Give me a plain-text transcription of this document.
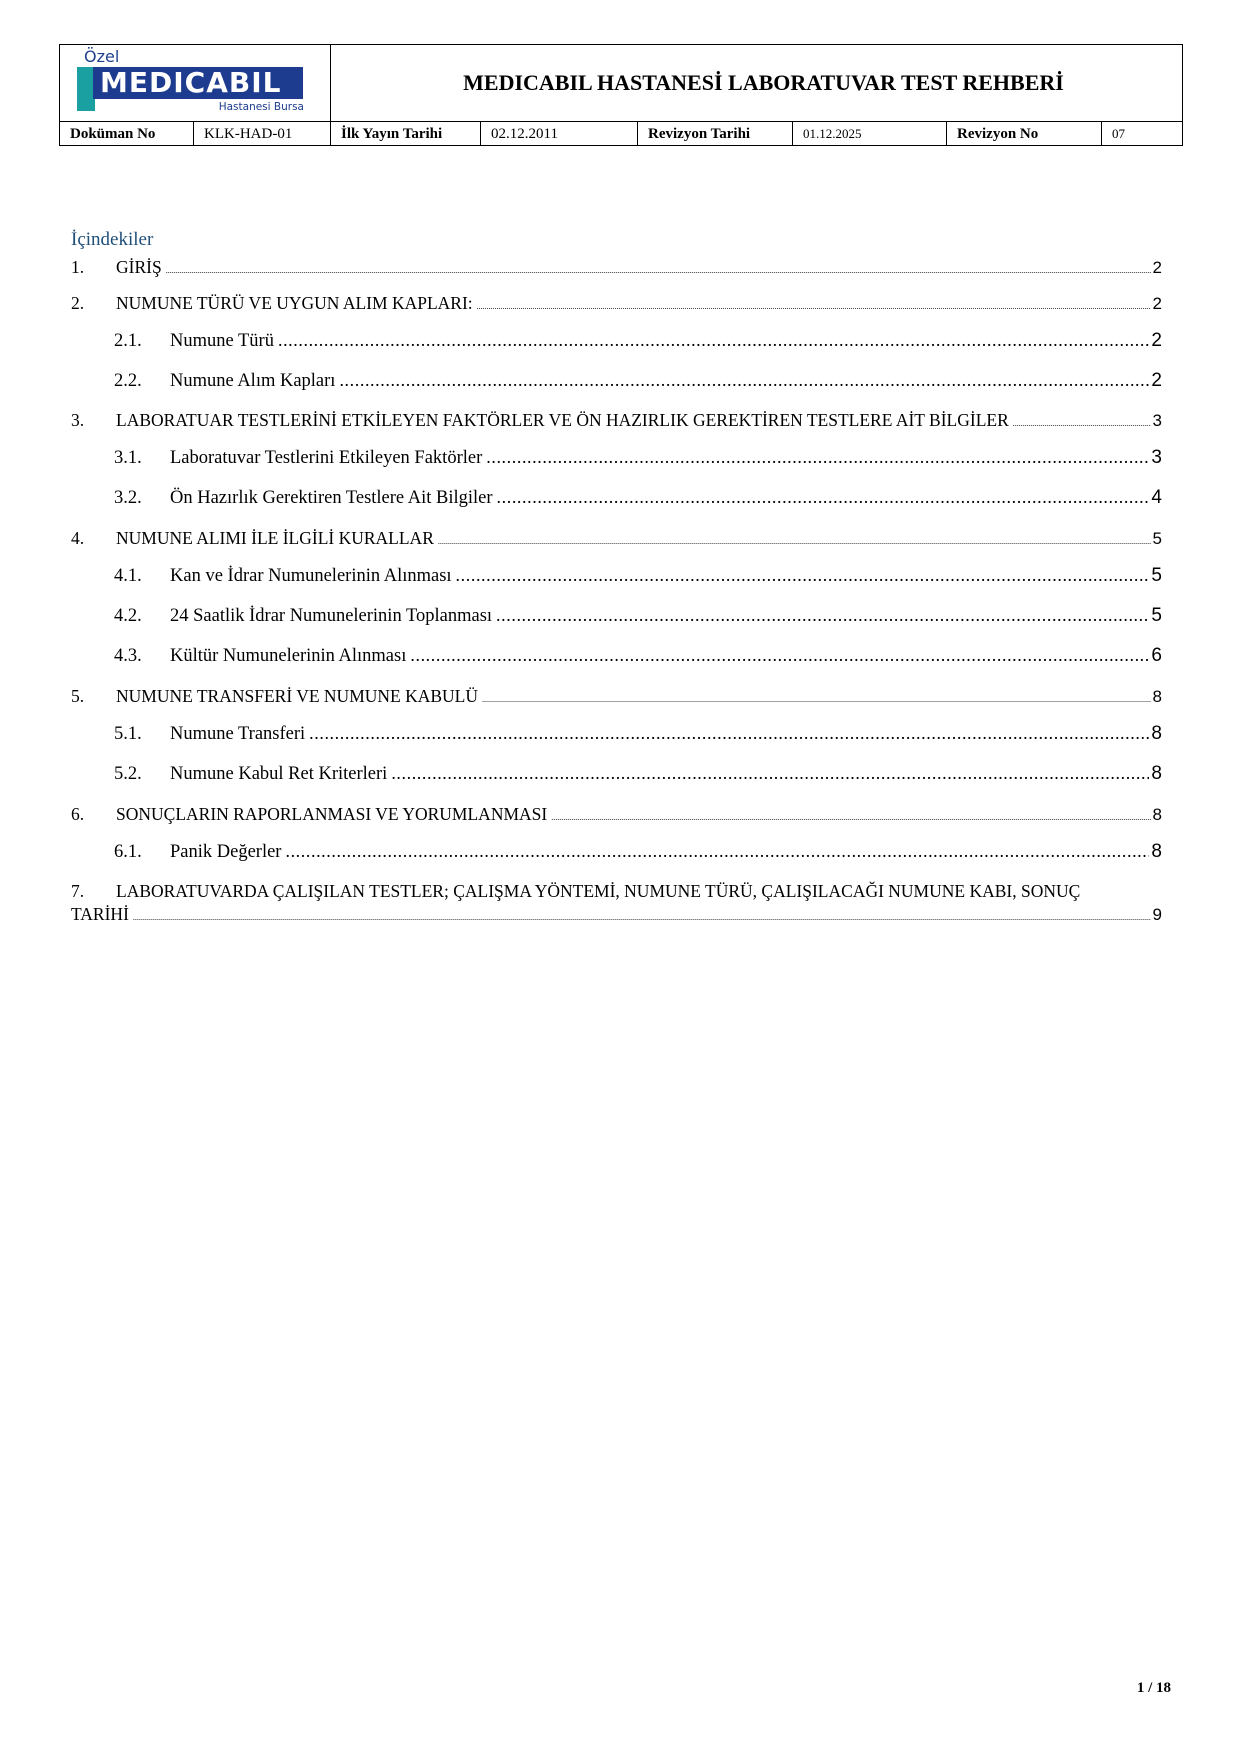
Özel
MEDICABIL
Hastanesi Bursa
MEDICABIL HASTANESİ LABORATUVAR TEST REHBERİ
Doküman No	KLK-HAD-01	İlk Yayın Tarihi	02.12.2011	Revizyon Tarihi	01.12.2025	Revizyon No	07
İçindekiler
1.	GİRİŞ .....	2
2.	NUMUNE TÜRÜ VE UYGUN ALIM KAPLARI: .....	2
2.1.	Numune Türü .....	2
2.2.	Numune Alım Kapları .....	2
3.	LABORATUAR TESTLERİNİ ETKİLEYEN FAKTÖRLER VE ÖN HAZIRLIK GEREKTİREN TESTLERE AİT BİLGİLER .....	3
3.1.	Laboratuvar Testlerini Etkileyen Faktörler .....	3
3.2.	Ön Hazırlık Gerektiren Testlere Ait Bilgiler .....	4
4.	NUMUNE ALIMI İLE İLGİLİ KURALLAR .....	5
4.1.	Kan ve İdrar Numunelerinin Alınması .....	5
4.2.	24 Saatlik İdrar Numunelerinin Toplanması .....	5
4.3.	Kültür Numunelerinin Alınması .....	6
5.	NUMUNE TRANSFERİ VE NUMUNE KABULÜ .....	8
5.1.	Numune Transferi .....	8
5.2.	Numune Kabul Ret Kriterleri .....	8
6.	SONUÇLARIN RAPORLANMASI VE YORUMLANMASI .....	8
6.1.	Panik Değerler .....	8
7. LABORATUVARDA ÇALIŞILAN TESTLER; ÇALIŞMA YÖNTEMİ, NUMUNE TÜRÜ, ÇALIŞILACAĞI NUMUNE KABI, SONUÇ
TARİHİ .....	9
1 / 18
